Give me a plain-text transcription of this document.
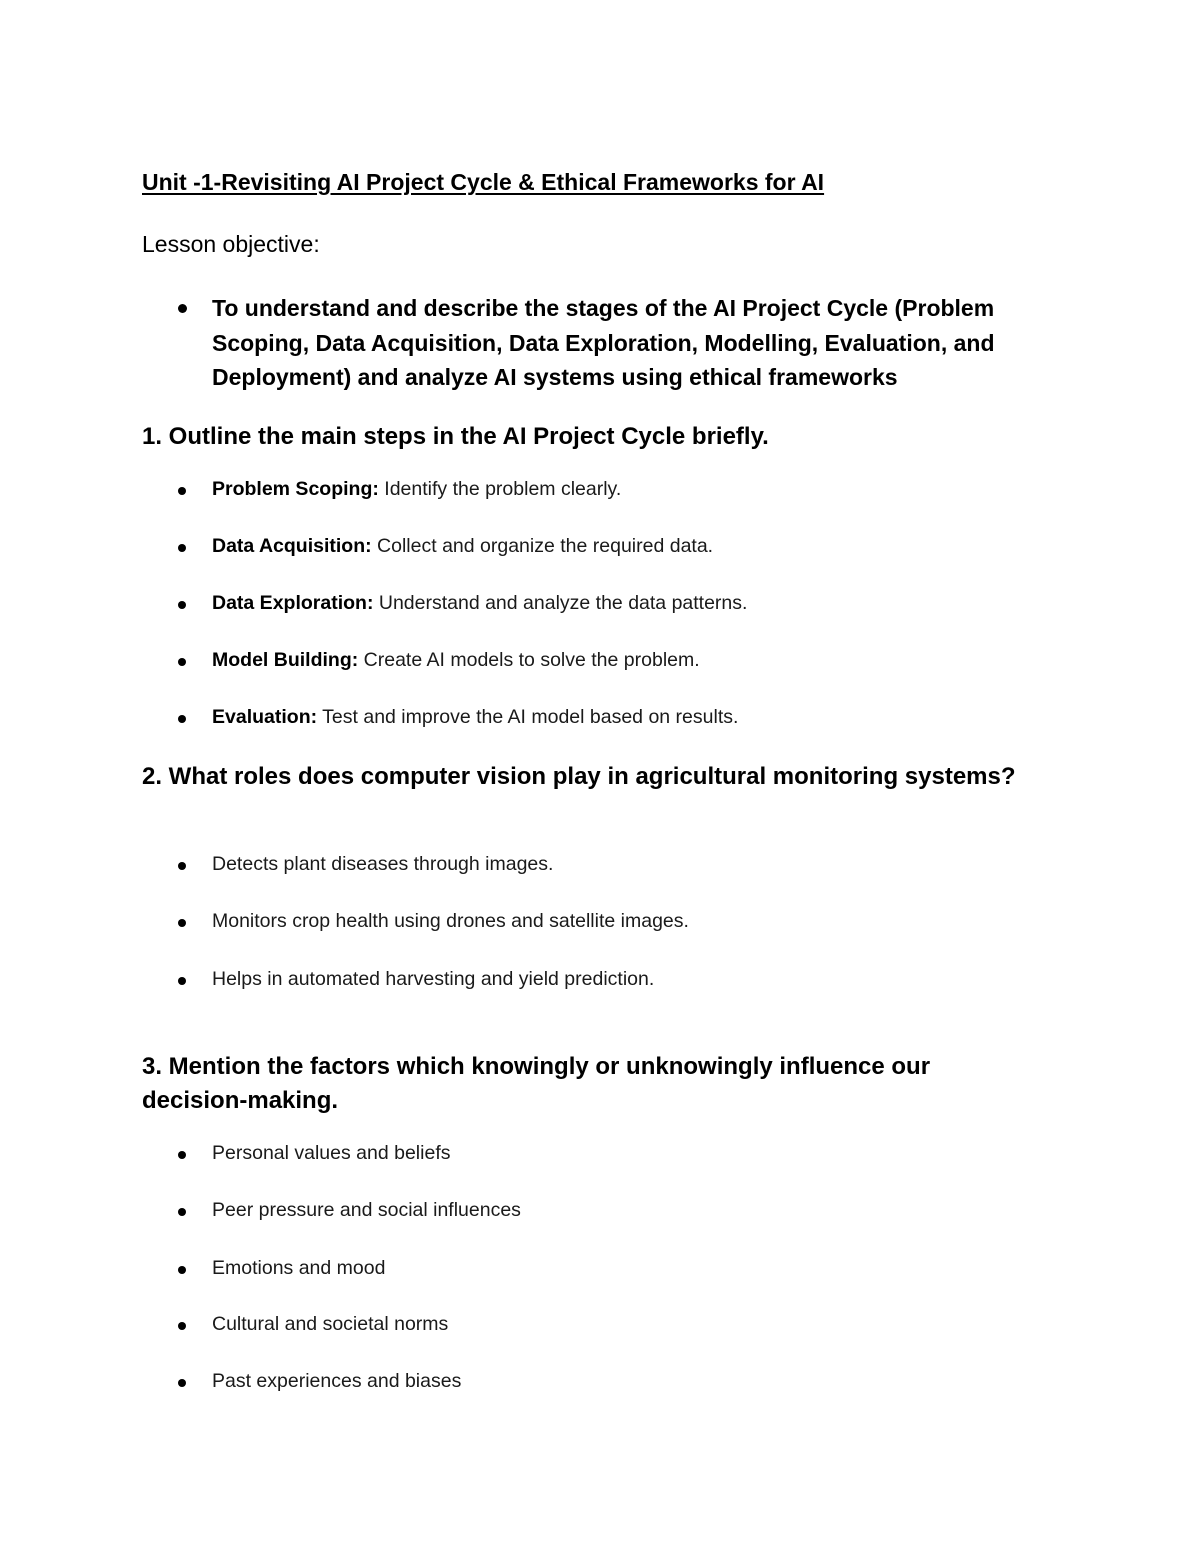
Unit -1-Revisiting AI Project Cycle & Ethical Frameworks for AI
Lesson objective:
To understand and describe the stages of the AI Project Cycle (Problem Scoping, Data Acquisition, Data Exploration, Modelling, Evaluation, and Deployment) and analyze AI systems using ethical frameworks
1. Outline the main steps in the AI Project Cycle briefly.
Problem Scoping: Identify the problem clearly.
Data Acquisition: Collect and organize the required data.
Data Exploration: Understand and analyze the data patterns.
Model Building: Create AI models to solve the problem.
Evaluation: Test and improve the AI model based on results.
2. What roles does computer vision play in agricultural monitoring systems?
Detects plant diseases through images.
Monitors crop health using drones and satellite images.
Helps in automated harvesting and yield prediction.
3. Mention the factors which knowingly or unknowingly influence our decision-making.
Personal values and beliefs
Peer pressure and social influences
Emotions and mood
Cultural and societal norms
Past experiences and biases
